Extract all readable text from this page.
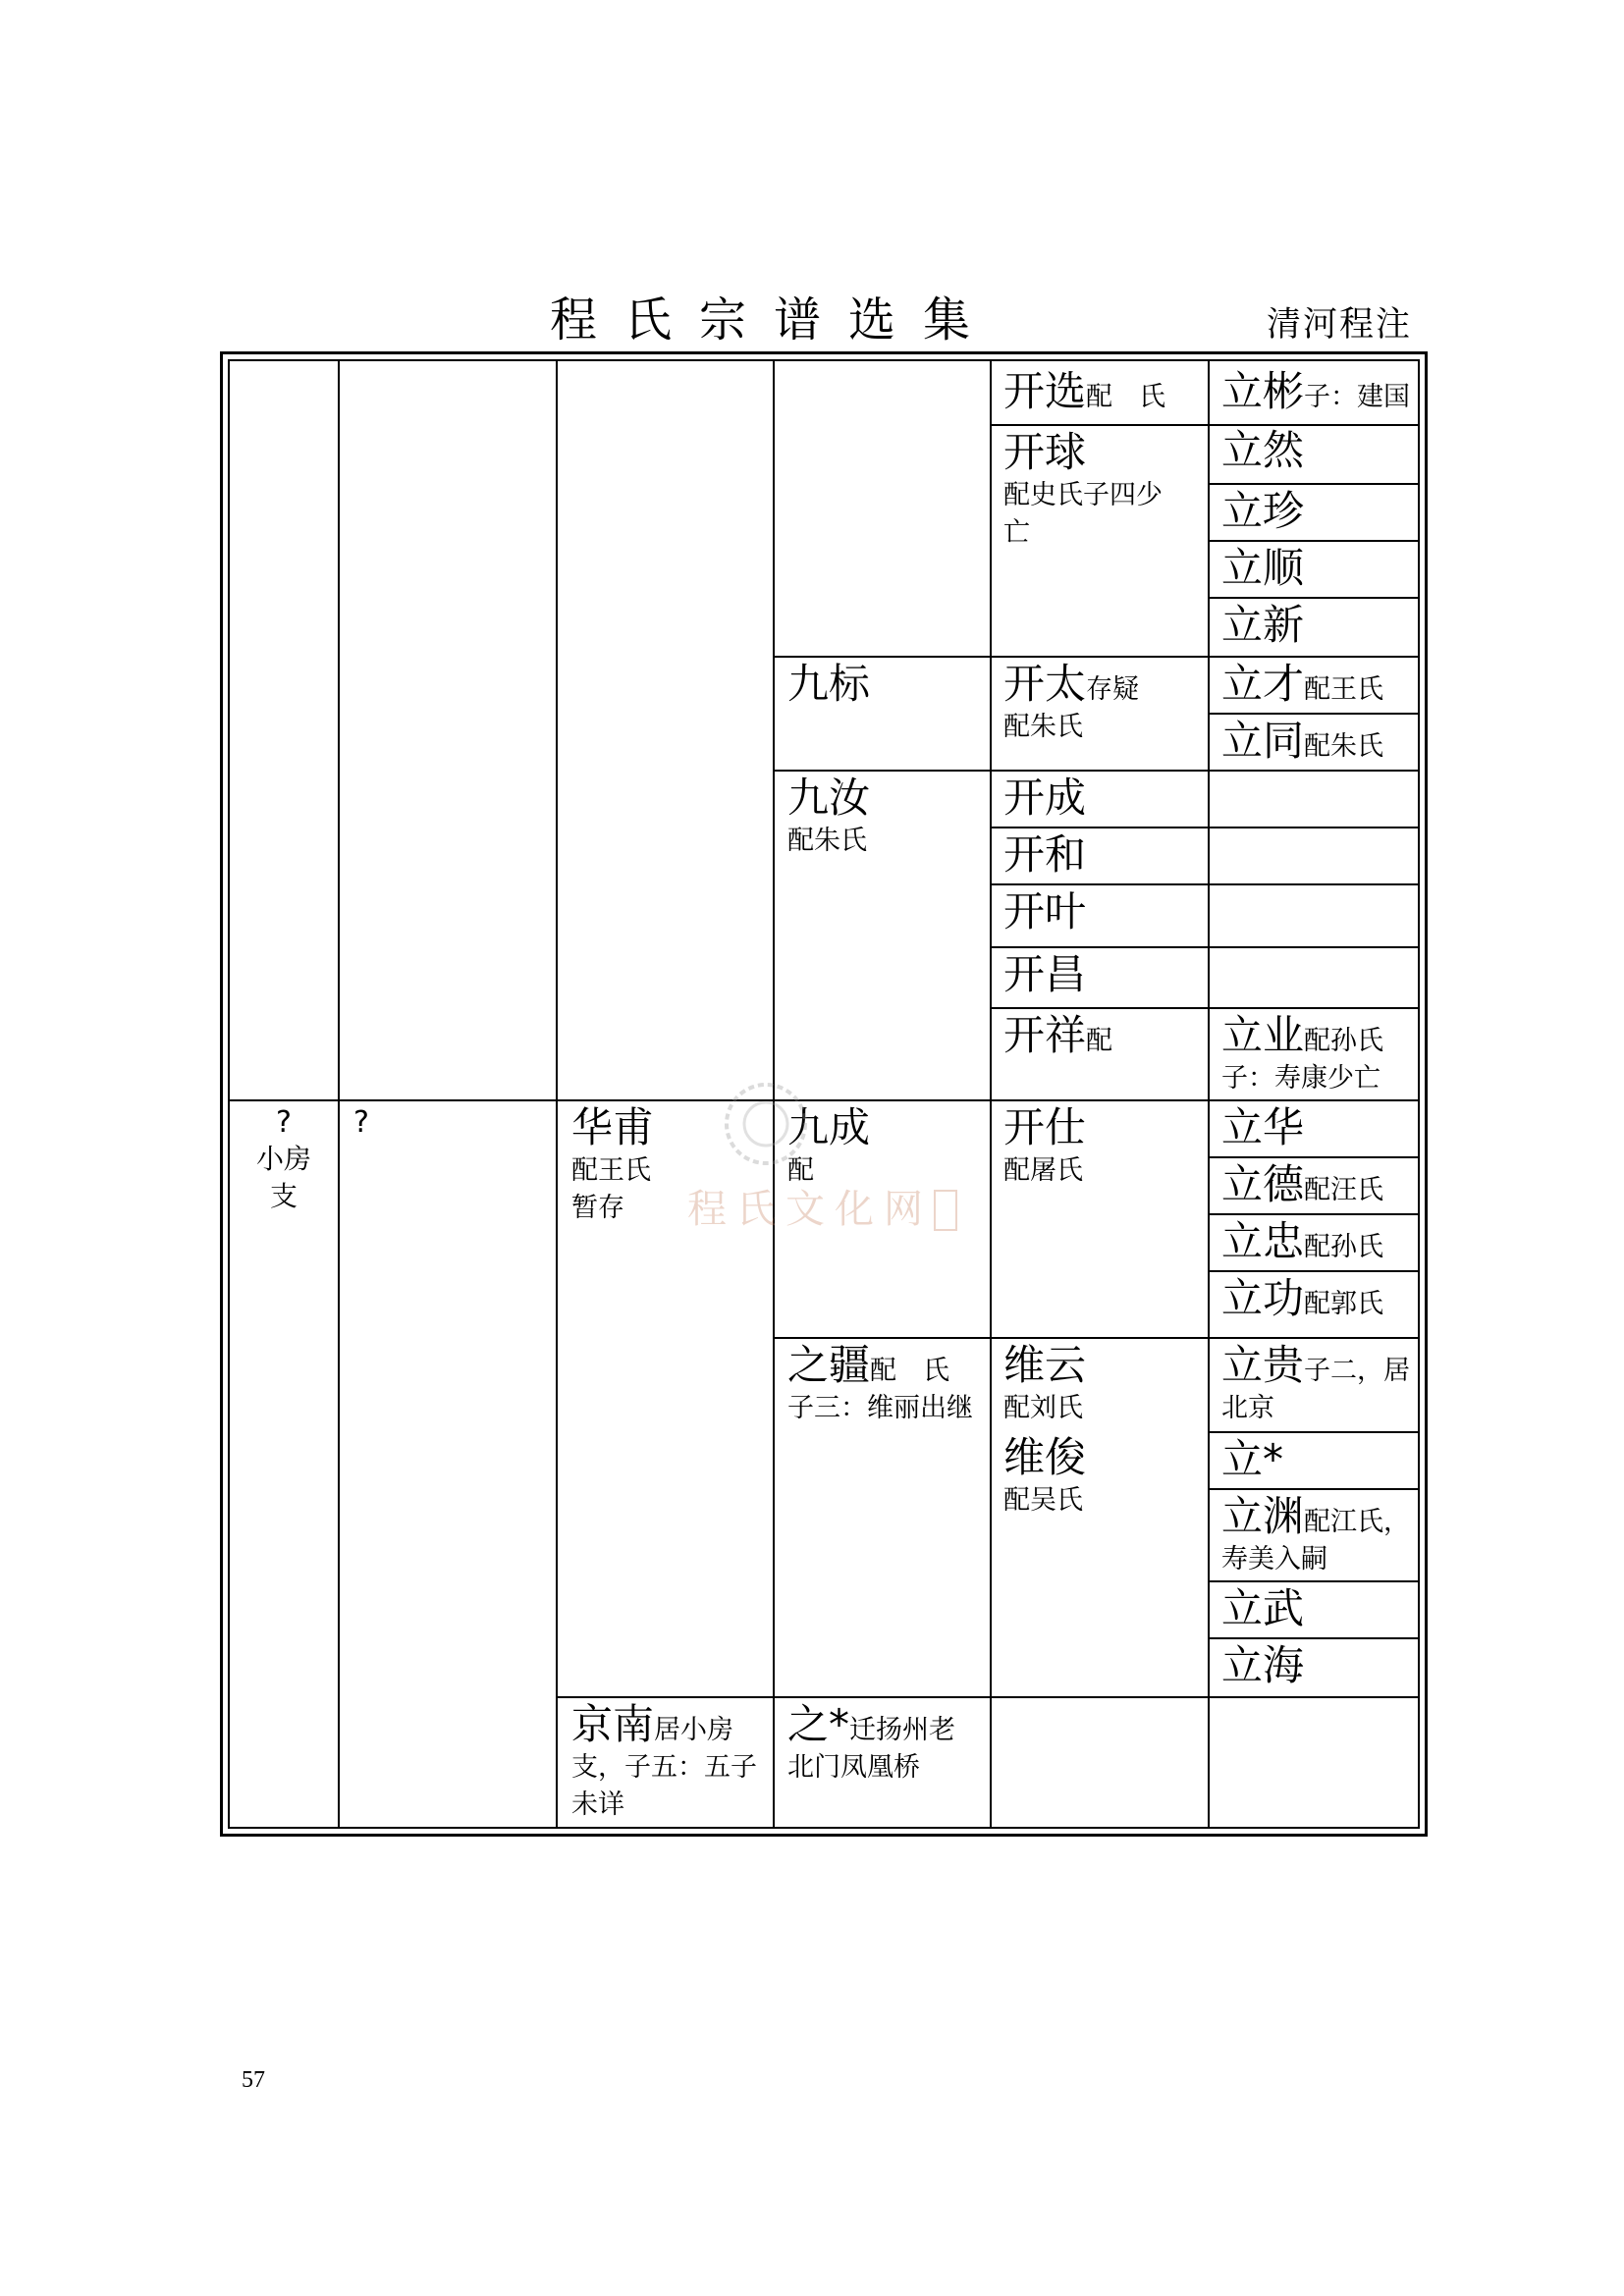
程氏宗谱选集	清河程注
?
小房
支
?	华甫
配王氏
暂存
京南居小房
支，子五：五子
未详
九标
九汝
配朱氏
九成
配
之疆配　氏
子三：维丽出继
之*迁扬州老
北门凤凰桥
开选配　氏
开球
配史氏子四少
亡
开太存疑
配朱氏
开成
开和
开叶
开昌
开祥配
开仕
配屠氏
维云
配刘氏
维俊
配吴氏
立彬子：建国
立然
立珍
立顺
立新
立才配王氏
立同配朱氏
立业配孙氏
子：寿康少亡
立华
立德配汪氏
立忠配孙氏
立功配郭氏
立贵子二，居
北京
立*
立渊配江氏，
寿美入嗣
立武
立海
程氏文化网
57
